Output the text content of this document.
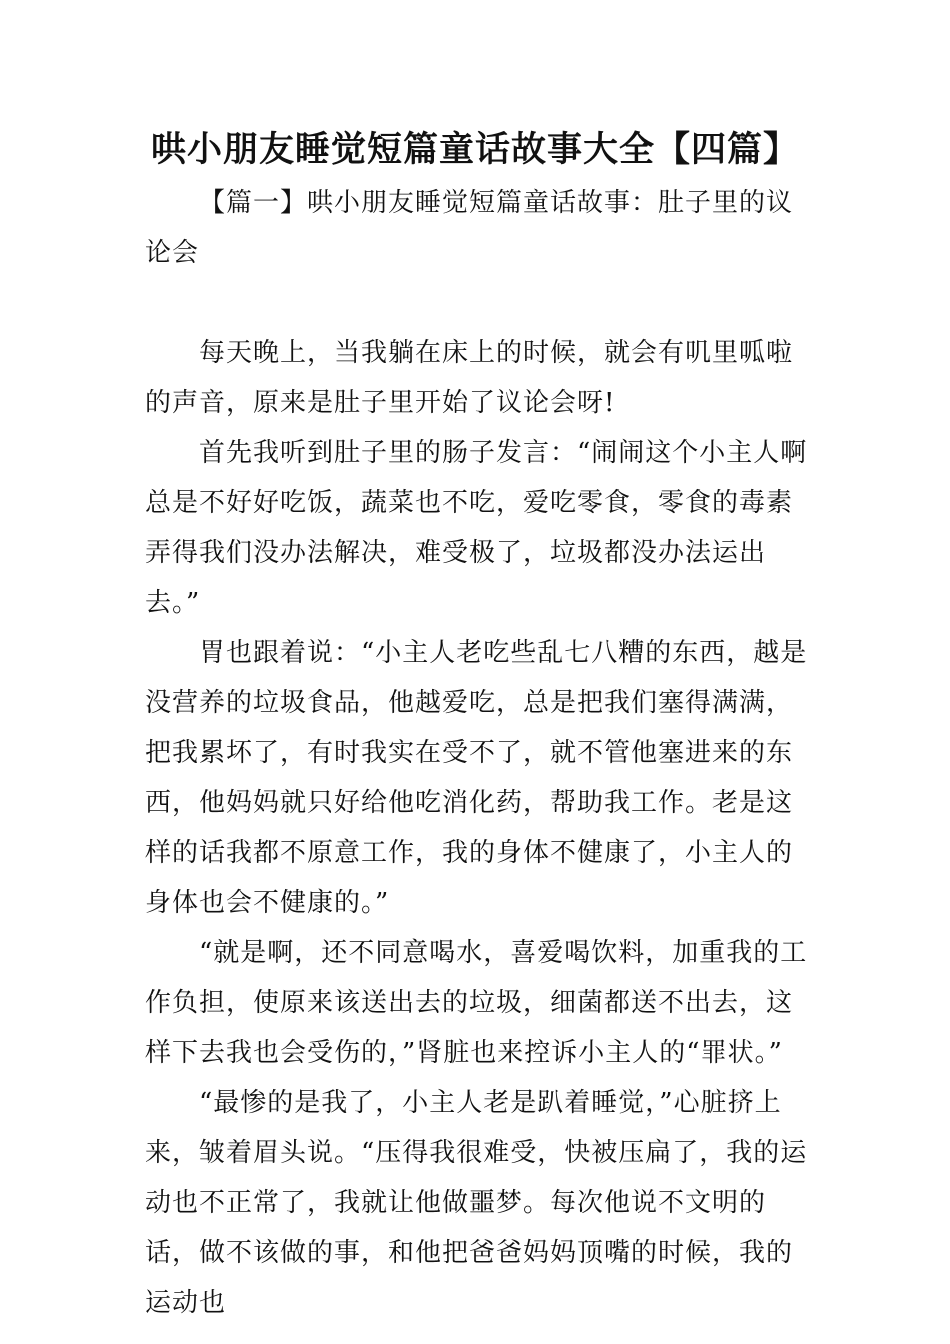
哄小朋友睡觉短篇童话故事大全【四篇】
【篇一】哄小朋友睡觉短篇童话故事：肚子里的议论会

每天晚上，当我躺在床上的时候，就会有叽里呱啦的声音，原来是肚子里开始了议论会呀!

首先我听到肚子里的肠子发言：“闹闹这个小主人啊总是不好好吃饭，蔬菜也不吃，爱吃零食，零食的毒素弄得我们没办法解决，难受极了，垃圾都没办法运出去。”

胃也跟着说：“小主人老吃些乱七八糟的东西，越是没营养的垃圾食品，他越爱吃，总是把我们塞得满满，把我累坏了，有时我实在受不了，就不管他塞进来的东西，他妈妈就只好给他吃消化药，帮助我工作。老是这样的话我都不原意工作，我的身体不健康了，小主人的身体也会不健康的。”

“就是啊，还不同意喝水，喜爱喝饮料，加重我的工作负担，使原来该送出去的垃圾，细菌都送不出去，这样下去我也会受伤的，”肾脏也来控诉小主人的“罪状。”

“最惨的是我了，小主人老是趴着睡觉，”心脏挤上来，皱着眉头说。“压得我很难受，快被压扁了，我的运动也不正常了，我就让他做噩梦。每次他说不文明的话，做不该做的事，和他把爸爸妈妈顶嘴的时候，我的运动也
